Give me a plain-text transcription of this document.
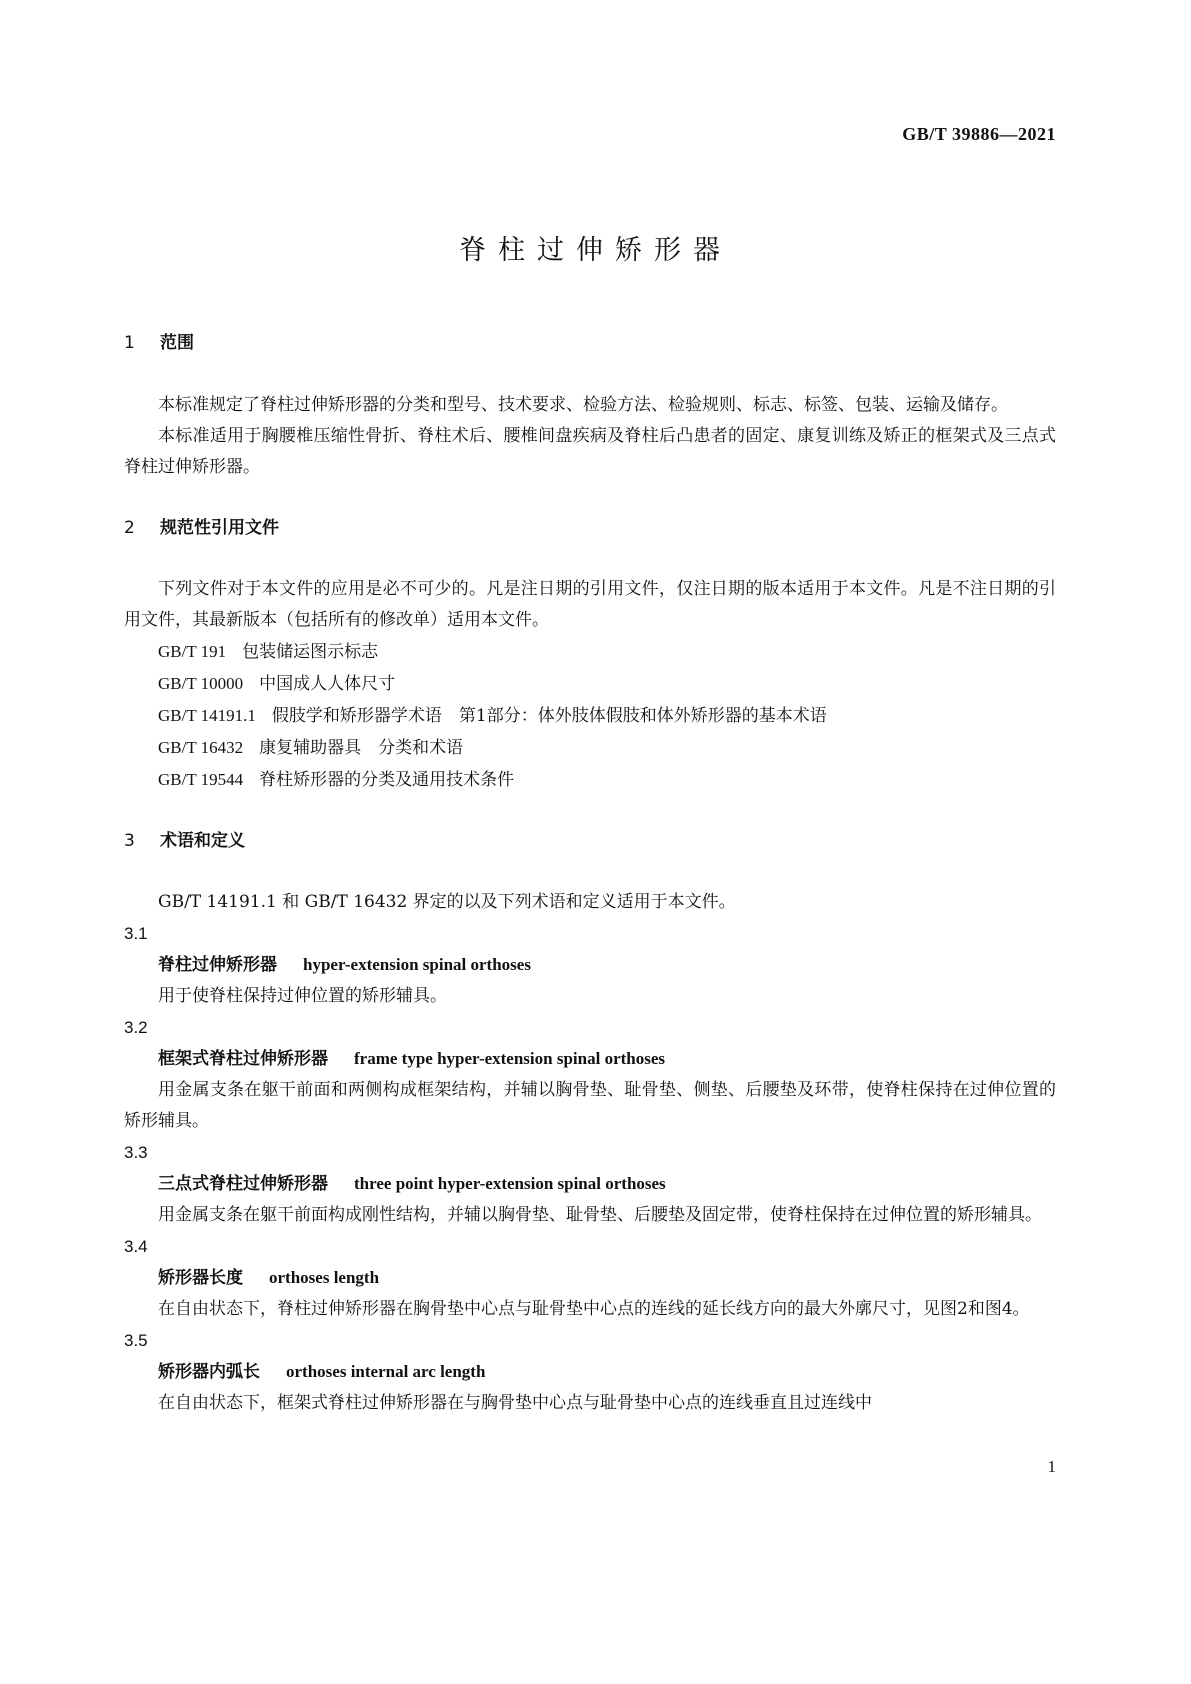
GB/T 39886—2021
脊柱过伸矫形器
1 范围

本标准规定了脊柱过伸矫形器的分类和型号、技术要求、检验方法、检验规则、标志、标签、包装、运输及储存。

本标准适用于胸腰椎压缩性骨折、脊柱术后、腰椎间盘疾病及脊柱后凸患者的固定、康复训练及矫正的框架式及三点式脊柱过伸矫形器。

2 规范性引用文件

下列文件对于本文件的应用是必不可少的。凡是注日期的引用文件，仅注日期的版本适用于本文件。凡是不注日期的引用文件，其最新版本（包括所有的修改单）适用本文件。

GB/T 191 包装储运图示标志
GB/T 10000 中国成人人体尺寸
GB/T 14191.1 假肢学和矫形器学术语　第1部分：体外肢体假肢和体外矫形器的基本术语
GB/T 16432 康复辅助器具　分类和术语
GB/T 19544 脊柱矫形器的分类及通用技术条件
3 术语和定义

GB/T 14191.1 和 GB/T 16432 界定的以及下列术语和定义适用于本文件。

3.1
脊柱过伸矫形器 hyper-extension spinal orthoses

用于使脊柱保持过伸位置的矫形辅具。

3.2
框架式脊柱过伸矫形器 frame type hyper-extension spinal orthoses

用金属支条在躯干前面和两侧构成框架结构，并辅以胸骨垫、耻骨垫、侧垫、后腰垫及环带，使脊柱保持在过伸位置的矫形辅具。

3.3
三点式脊柱过伸矫形器 three point hyper-extension spinal orthoses

用金属支条在躯干前面构成刚性结构，并辅以胸骨垫、耻骨垫、后腰垫及固定带，使脊柱保持在过伸位置的矫形辅具。

3.4
矫形器长度 orthoses length

在自由状态下，脊柱过伸矫形器在胸骨垫中心点与耻骨垫中心点的连线的延长线方向的最大外廓尺寸，见图2和图4。

3.5
矫形器内弧长 orthoses internal arc length

在自由状态下，框架式脊柱过伸矫形器在与胸骨垫中心点与耻骨垫中心点的连线垂直且过连线中

1
